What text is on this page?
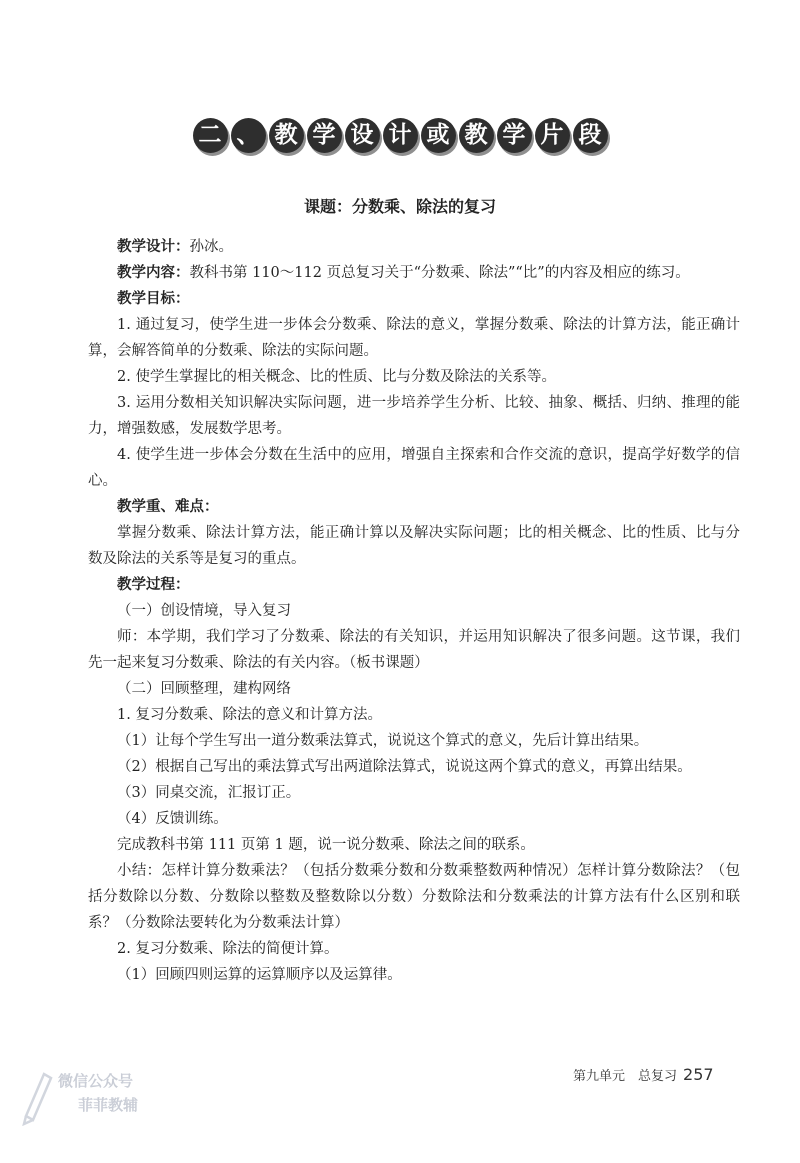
二 、 教 学 设 计 或 教 学 片 段
课题：分数乘、除法的复习

教学设计：孙冰。

教学内容：教科书第 110～112 页总复习关于“分数乘、除法”“比”的内容及相应的练习。

教学目标：

1. 通过复习，使学生进一步体会分数乘、除法的意义，掌握分数乘、除法的计算方法，能正确计算，会解答简单的分数乘、除法的实际问题。

2. 使学生掌握比的相关概念、比的性质、比与分数及除法的关系等。

3. 运用分数相关知识解决实际问题，进一步培养学生分析、比较、抽象、概括、归纳、推理的能力，增强数感，发展数学思考。

4. 使学生进一步体会分数在生活中的应用，增强自主探索和合作交流的意识，提高学好数学的信心。

教学重、难点：

掌握分数乘、除法计算方法，能正确计算以及解决实际问题；比的相关概念、比的性质、比与分数及除法的关系等是复习的重点。

教学过程：

（一）创设情境，导入复习

师：本学期，我们学习了分数乘、除法的有关知识，并运用知识解决了很多问题。这节课，我们先一起来复习分数乘、除法的有关内容。（板书课题）

（二）回顾整理，建构网络

1. 复习分数乘、除法的意义和计算方法。

（1）让每个学生写出一道分数乘法算式，说说这个算式的意义，先后计算出结果。

（2）根据自己写出的乘法算式写出两道除法算式，说说这两个算式的意义，再算出结果。

（3）同桌交流，汇报订正。

（4）反馈训练。

完成教科书第 111 页第 1 题，说一说分数乘、除法之间的联系。

小结：怎样计算分数乘法？（包括分数乘分数和分数乘整数两种情况）怎样计算分数除法？（包括分数除以分数、分数除以整数及整数除以分数）分数除法和分数乘法的计算方法有什么区别和联系？（分数除法要转化为分数乘法计算）

2. 复习分数乘、除法的简便计算。

（1）回顾四则运算的运算顺序以及运算律。

微信公众号
菲菲教辅
第九单元　总复习 257
